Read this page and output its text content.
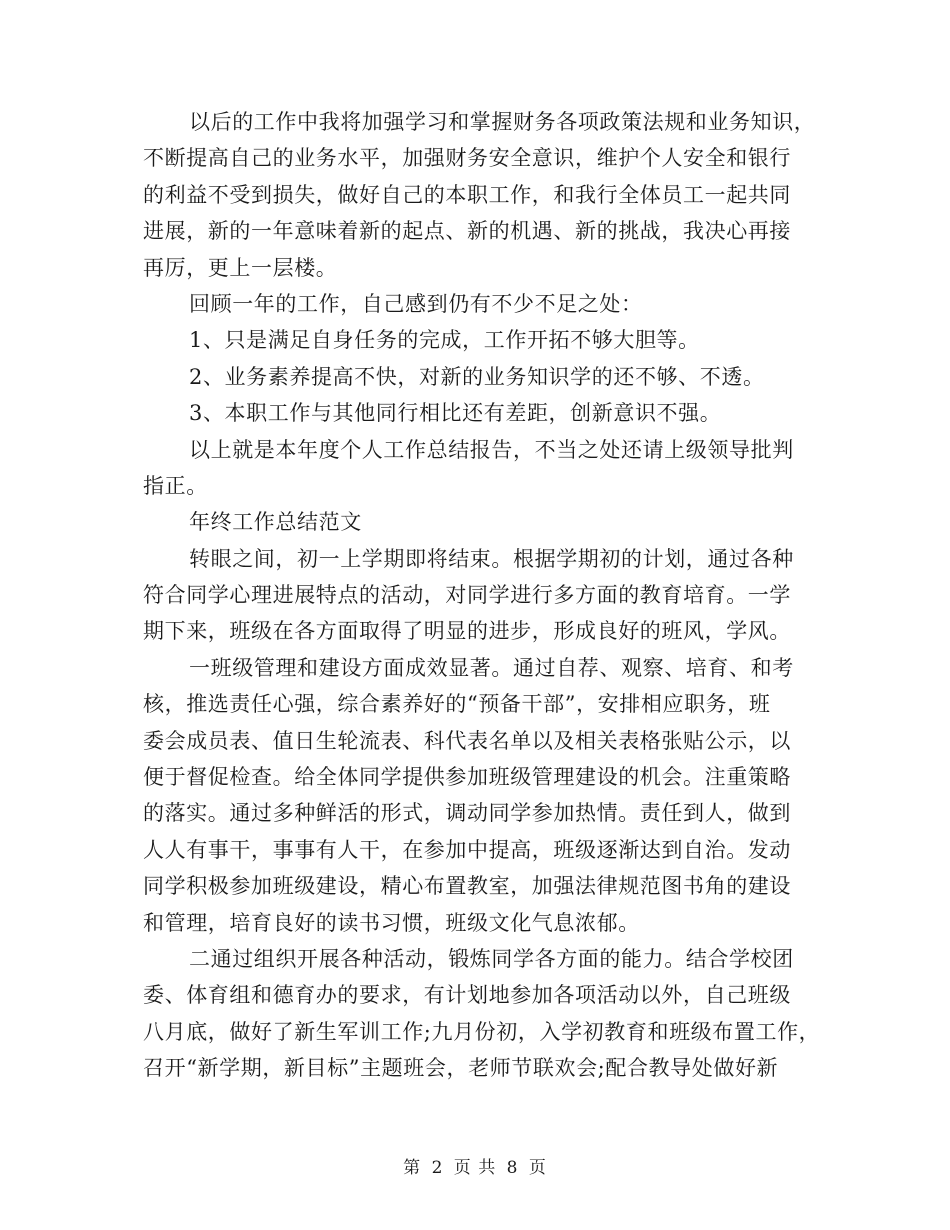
以后的工作中我将加强学习和掌握财务各项政策法规和业务知识，
不断提高自己的业务水平，加强财务安全意识，维护个人安全和银行
的利益不受到损失，做好自己的本职工作，和我行全体员工一起共同
进展，新的一年意味着新的起点、新的机遇、新的挑战，我决心再接
再厉，更上一层楼。
回顾一年的工作，自己感到仍有不少不足之处：
1、只是满足自身任务的完成，工作开拓不够大胆等。
2、业务素养提高不快，对新的业务知识学的还不够、不透。
3、本职工作与其他同行相比还有差距，创新意识不强。
以上就是本年度个人工作总结报告，不当之处还请上级领导批判
指正。
年终工作总结范文
转眼之间，初一上学期即将结束。根据学期初的计划，通过各种
符合同学心理进展特点的活动，对同学进行多方面的教育培育。一学
期下来，班级在各方面取得了明显的进步，形成良好的班风，学风。
一班级管理和建设方面成效显著。通过自荐、观察、培育、和考
核，推选责任心强，综合素养好的“预备干部”，安排相应职务，班
委会成员表、值日生轮流表、科代表名单以及相关表格张贴公示，以
便于督促检查。给全体同学提供参加班级管理建设的机会。注重策略
的落实。通过多种鲜活的形式，调动同学参加热情。责任到人，做到
人人有事干，事事有人干，在参加中提高，班级逐渐达到自治。发动
同学积极参加班级建设，精心布置教室，加强法律规范图书角的建设
和管理，培育良好的读书习惯，班级文化气息浓郁。
二通过组织开展各种活动，锻炼同学各方面的能力。结合学校团
委、体育组和德育办的要求，有计划地参加各项活动以外，自己班级
八月底，做好了新生军训工作;九月份初，入学初教育和班级布置工作，
召开“新学期，新目标”主题班会，老师节联欢会;配合教导处做好新
第 2 页 共 8 页
